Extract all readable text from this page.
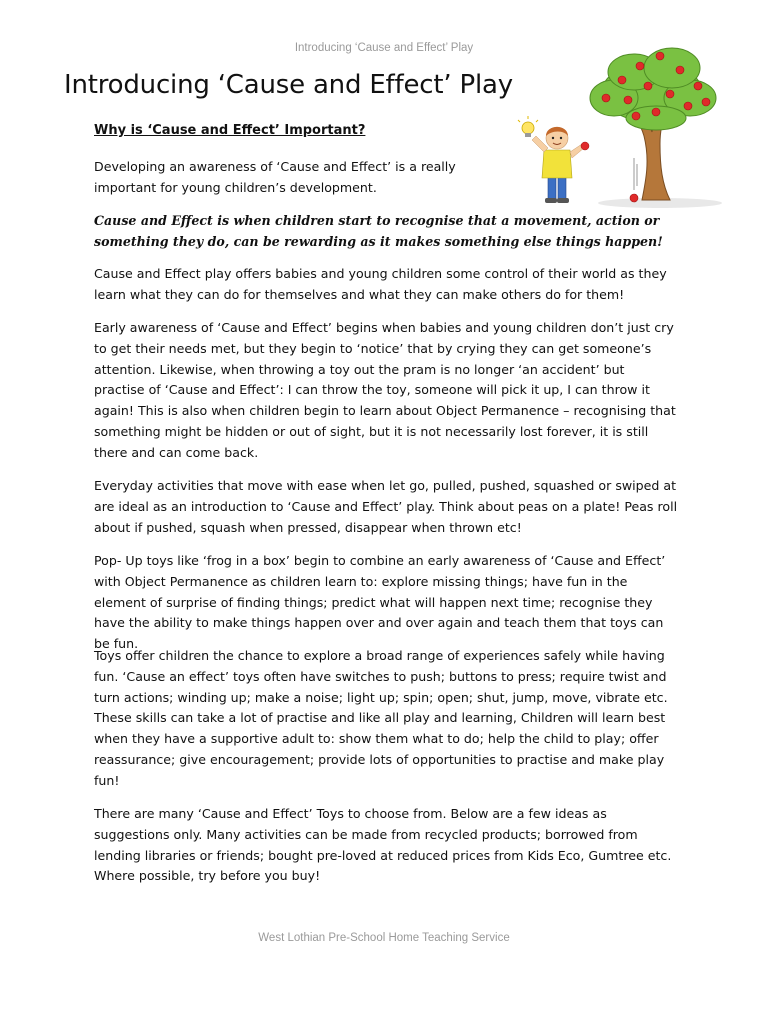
Introducing ‘Cause and Effect’ Play
Introducing ‘Cause and Effect’ Play
Why is ‘Cause and Effect’ Important?

Developing an awareness of ‘Cause and Effect’ is a really important for young children’s development.

Cause and Effect is when children start to recognise that a movement, action or something they do, can be rewarding as it makes something else things happen!

Cause and Effect play offers babies and young children some control of their world as they learn what they can do for themselves and what they can make others do for them!

Early awareness of ‘Cause and Effect’ begins when babies and young children don’t just cry to get their needs met, but they begin to ‘notice’ that by crying they can get someone’s attention. Likewise, when throwing a toy out the pram is no longer ‘an accident’ but practise of ‘Cause and Effect’: I can throw the toy, someone will pick it up, I can throw it again! This is also when children begin to learn about Object Permanence – recognising that something might be hidden or out of sight, but it is not necessarily lost forever, it is still there and can come back.

Everyday activities that move with ease when let go, pulled, pushed, squashed or swiped at are ideal as an introduction to ‘Cause and Effect’ play. Think about peas on a plate! Peas roll about if pushed, squash when pressed, disappear when thrown etc!

Pop- Up toys like ‘frog in a box’ begin to combine an early awareness of ‘Cause and Effect’ with Object Permanence as children learn to: explore missing things; have fun in the element of surprise of finding things; predict what will happen next time; recognise they have the ability to make things happen over and over again and teach them that toys can be fun.

Toys offer children the chance to explore a broad range of experiences safely while having fun. ‘Cause an effect’ toys often have switches to push; buttons to press; require twist and turn actions; winding up; make a noise; light up; spin; open; shut, jump, move, vibrate etc. These skills can take a lot of practise and like all play and learning, Children will learn best when they have a supportive adult to: show them what to do; help the child to play; offer reassurance; give encouragement; provide lots of opportunities to practise and make play fun!

There are many ‘Cause and Effect’ Toys to choose from. Below are a few ideas as suggestions only. Many activities can be made from recycled products; borrowed from lending libraries or friends; bought pre-loved at reduced prices from Kids Eco, Gumtree etc. Where possible, try before you buy!

West Lothian Pre-School Home Teaching Service
